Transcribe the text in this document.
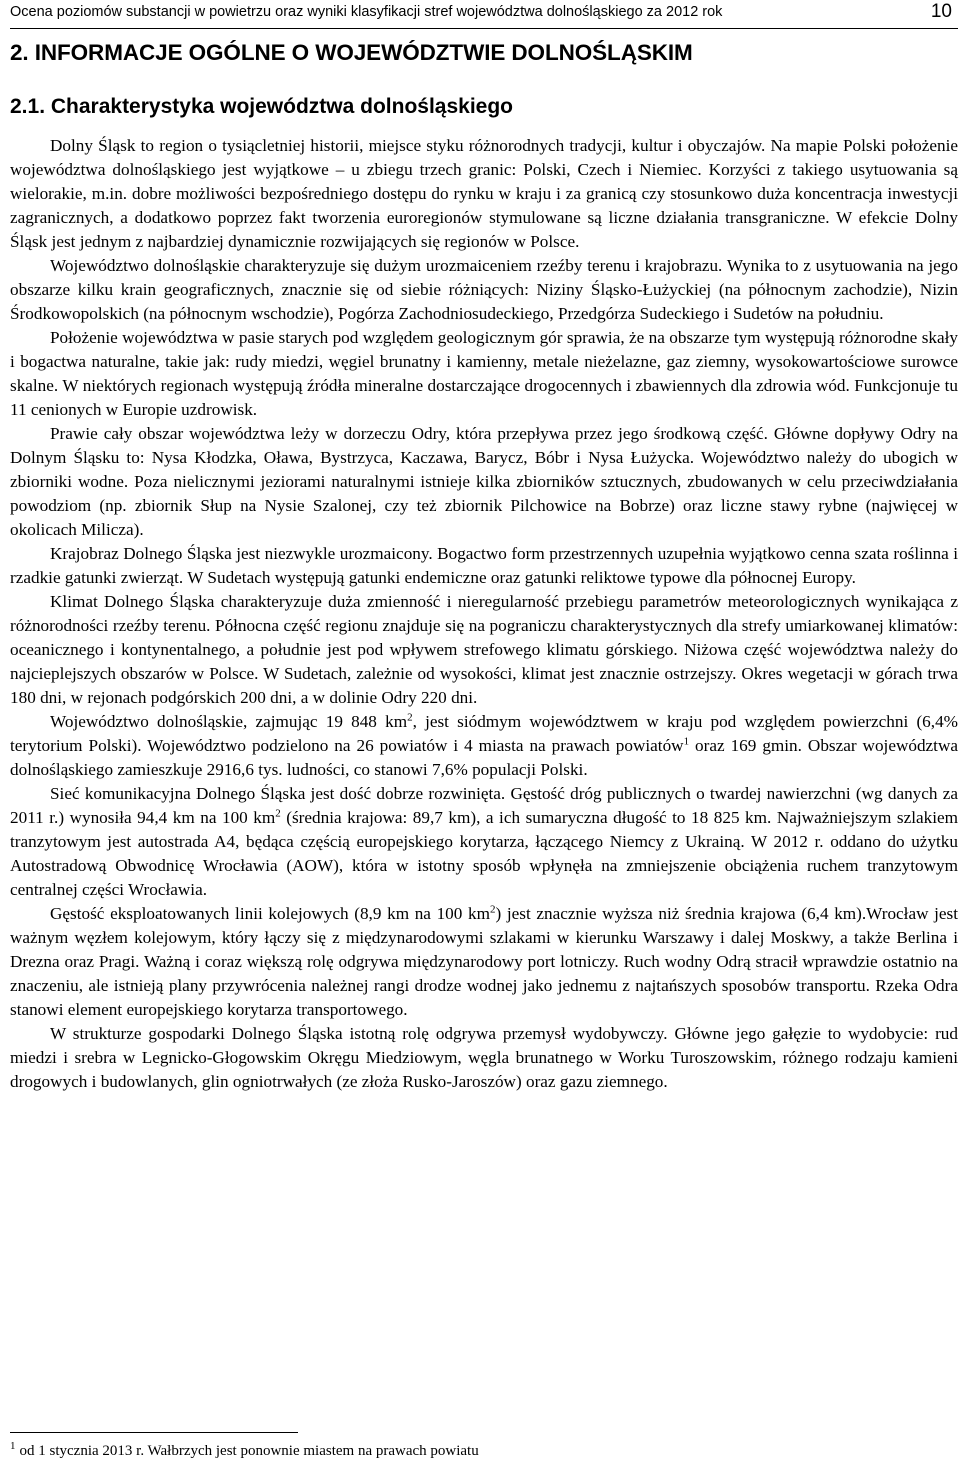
Ocena poziomów substancji w powietrzu oraz wyniki klasyfikacji stref województwa dolnośląskiego za 2012 rok	10
2. INFORMACJE OGÓLNE O WOJEWÓDZTWIE DOLNOŚLĄSKIM
2.1. Charakterystyka województwa dolnośląskiego

Dolny Śląsk to region o tysiącletniej historii, miejsce styku różnorodnych tradycji, kultur i obyczajów. Na mapie Polski położenie województwa dolnośląskiego jest wyjątkowe – u zbiegu trzech granic: Polski, Czech i Niemiec. Korzyści z takiego usytuowania są wielorakie, m.in. dobre możliwości bezpośredniego dostępu do rynku w kraju i za granicą czy stosunkowo duża koncentracja inwestycji zagranicznych, a dodatkowo poprzez fakt tworzenia euroregionów stymulowane są liczne działania transgraniczne. W efekcie Dolny Śląsk jest jednym z najbardziej dynamicznie rozwijających się regionów w Polsce.

Województwo dolnośląskie charakteryzuje się dużym urozmaiceniem rzeźby terenu i krajobrazu. Wynika to z usytuowania na jego obszarze kilku krain geograficznych, znacznie się od siebie różniących: Niziny Śląsko-Łużyckiej (na północnym zachodzie), Nizin Środkowopolskich (na północnym wschodzie), Pogórza Zachodniosudeckiego, Przedgórza Sudeckiego i Sudetów na południu.

Położenie województwa w pasie starych pod względem geologicznym gór sprawia, że na obszarze tym występują różnorodne skały i bogactwa naturalne, takie jak: rudy miedzi, węgiel brunatny i kamienny, metale nieżelazne, gaz ziemny, wysokowartościowe surowce skalne. W niektórych regionach występują źródła mineralne dostarczające drogocennych i zbawiennych dla zdrowia wód. Funkcjonuje tu 11 cenionych w Europie uzdrowisk.

Prawie cały obszar województwa leży w dorzeczu Odry, która przepływa przez jego środkową część. Główne dopływy Odry na Dolnym Śląsku to: Nysa Kłodzka, Oława, Bystrzyca, Kaczawa, Barycz, Bóbr i Nysa Łużycka. Województwo należy do ubogich w zbiorniki wodne. Poza nielicznymi jeziorami naturalnymi istnieje kilka zbiorników sztucznych, zbudowanych w celu przeciwdziałania powodziom (np. zbiornik Słup na Nysie Szalonej, czy też zbiornik Pilchowice na Bobrze) oraz liczne stawy rybne (najwięcej w okolicach Milicza).

Krajobraz Dolnego Śląska jest niezwykle urozmaicony. Bogactwo form przestrzennych uzupełnia wyjątkowo cenna szata roślinna i rzadkie gatunki zwierząt. W Sudetach występują gatunki endemiczne oraz gatunki reliktowe typowe dla północnej Europy.

Klimat Dolnego Śląska charakteryzuje duża zmienność i nieregularność przebiegu parametrów meteorologicznych wynikająca z różnorodności rzeźby terenu. Północna część regionu znajduje się na pograniczu charakterystycznych dla strefy umiarkowanej klimatów: oceanicznego i kontynentalnego, a południe jest pod wpływem strefowego klimatu górskiego. Niżowa część województwa należy do najcieplejszych obszarów w Polsce. W Sudetach, zależnie od wysokości, klimat jest znacznie ostrzejszy. Okres wegetacji w górach trwa 180 dni, w rejonach podgórskich 200 dni, a w dolinie Odry 220 dni.

Województwo dolnośląskie, zajmując 19 848 $km^2$, jest siódmym województwem w kraju pod względem powierzchni (6,4% terytorium Polski). Województwo podzielono na 26 powiatów i 4 miasta na prawach powiatów$^1$ oraz 169 gmin. Obszar województwa dolnośląskiego zamieszkuje 2916,6 tys. ludności, co stanowi 7,6% populacji Polski.

Sieć komunikacyjna Dolnego Śląska jest dość dobrze rozwinięta. Gęstość dróg publicznych o twardej nawierzchni (wg danych za 2011 r.) wynosiła 94,4 km na 100 $km^2$ (średnia krajowa: 89,7 km), a ich sumaryczna długość to 18 825 km. Najważniejszym szlakiem tranzytowym jest autostrada A4, będąca częścią europejskiego korytarza, łączącego Niemcy z Ukrainą. W 2012 r. oddano do użytku Autostradową Obwodnicę Wrocławia (AOW), która w istotny sposób wpłynęła na zmniejszenie obciążenia ruchem tranzytowym centralnej części Wrocławia.

Gęstość eksploatowanych linii kolejowych (8,9 km na 100 $km^2$) jest znacznie wyższa niż średnia krajowa (6,4 km).Wrocław jest ważnym węzłem kolejowym, który łączy się z międzynarodowymi szlakami w kierunku Warszawy i dalej Moskwy, a także Berlina i Drezna oraz Pragi. Ważną i coraz większą rolę odgrywa międzynarodowy port lotniczy. Ruch wodny Odrą stracił wprawdzie ostatnio na znaczeniu, ale istnieją plany przywrócenia należnej rangi drodze wodnej jako jednemu z najtańszych sposobów transportu. Rzeka Odra stanowi element europejskiego korytarza transportowego.

W strukturze gospodarki Dolnego Śląska istotną rolę odgrywa przemysł wydobywczy. Główne jego gałęzie to wydobycie: rud miedzi i srebra w Legnicko-Głogowskim Okręgu Miedziowym, węgla brunatnego w Worku Turoszowskim, różnego rodzaju kamieni drogowych i budowlanych, glin ogniotrwałych (ze złoża Rusko-Jaroszów) oraz gazu ziemnego.

$^1$ od 1 stycznia 2013 r. Wałbrzych jest ponownie miastem na prawach powiatu
